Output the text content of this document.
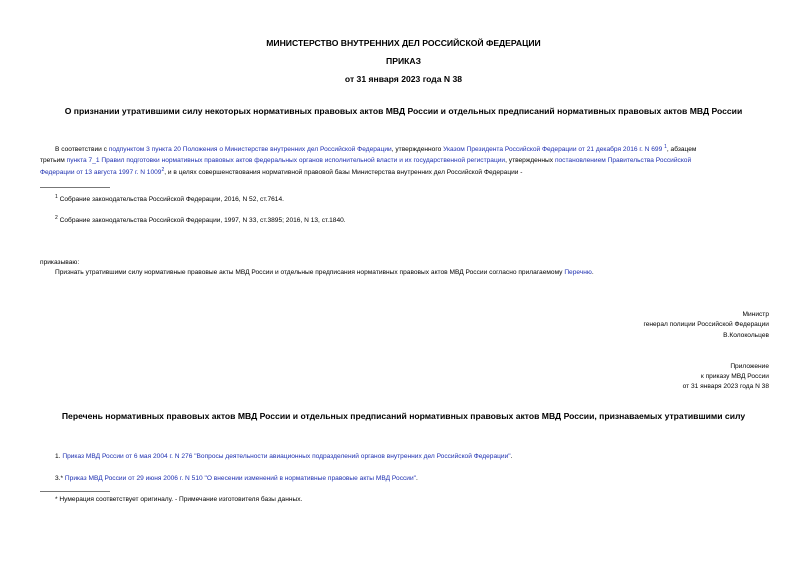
МИНИСТЕРСТВО ВНУТРЕННИХ ДЕЛ РОССИЙСКОЙ ФЕДЕРАЦИИ
ПРИКАЗ
от 31 января 2023 года N 38
О признании утратившими силу некоторых нормативных правовых актов МВД России и отдельных предписаний нормативных правовых актов МВД России
В соответствии с подпунктом 3 пункта 20 Положения о Министерстве внутренних дел Российской Федерации, утвержденного Указом Президента Российской Федерации от 21 декабря 2016 г. N 699 $^1$, абзацем
третьим пункта 7_1 Правил подготовки нормативных правовых актов федеральных органов исполнительной власти и их государственной регистрации, утвержденных постановлением Правительства Российской
Федерации от 13 августа 1997 г. N 1009$^2$, и в целях совершенствования нормативной правовой базы Министерства внутренних дел Российской Федерации -
$^1$ Собрание законодательства Российской Федерации, 2016, N 52, ст.7614.
$^2$ Собрание законодательства Российской Федерации, 1997, N 33, ст.3895; 2016, N 13, ст.1840.
приказываю:
Признать утратившими силу нормативные правовые акты МВД России и отдельные предписания нормативных правовых актов МВД России согласно прилагаемому Перечню.
Министр
генерал полиции Российской Федерации
В.Колокольцев
Приложение
к приказу МВД России
от 31 января 2023 года N 38
Перечень нормативных правовых актов МВД России и отдельных предписаний нормативных правовых актов МВД России, признаваемых утратившими силу
1. Приказ МВД России от 6 мая 2004 г. N 276 "Вопросы деятельности авиационных подразделений органов внутренних дел Российской Федерации".
3.* Приказ МВД России от 29 июня 2006 г. N 510 "О внесении изменений в нормативные правовые акты МВД России".
* Нумерация соответствует оригиналу. - Примечание изготовителя базы данных.
